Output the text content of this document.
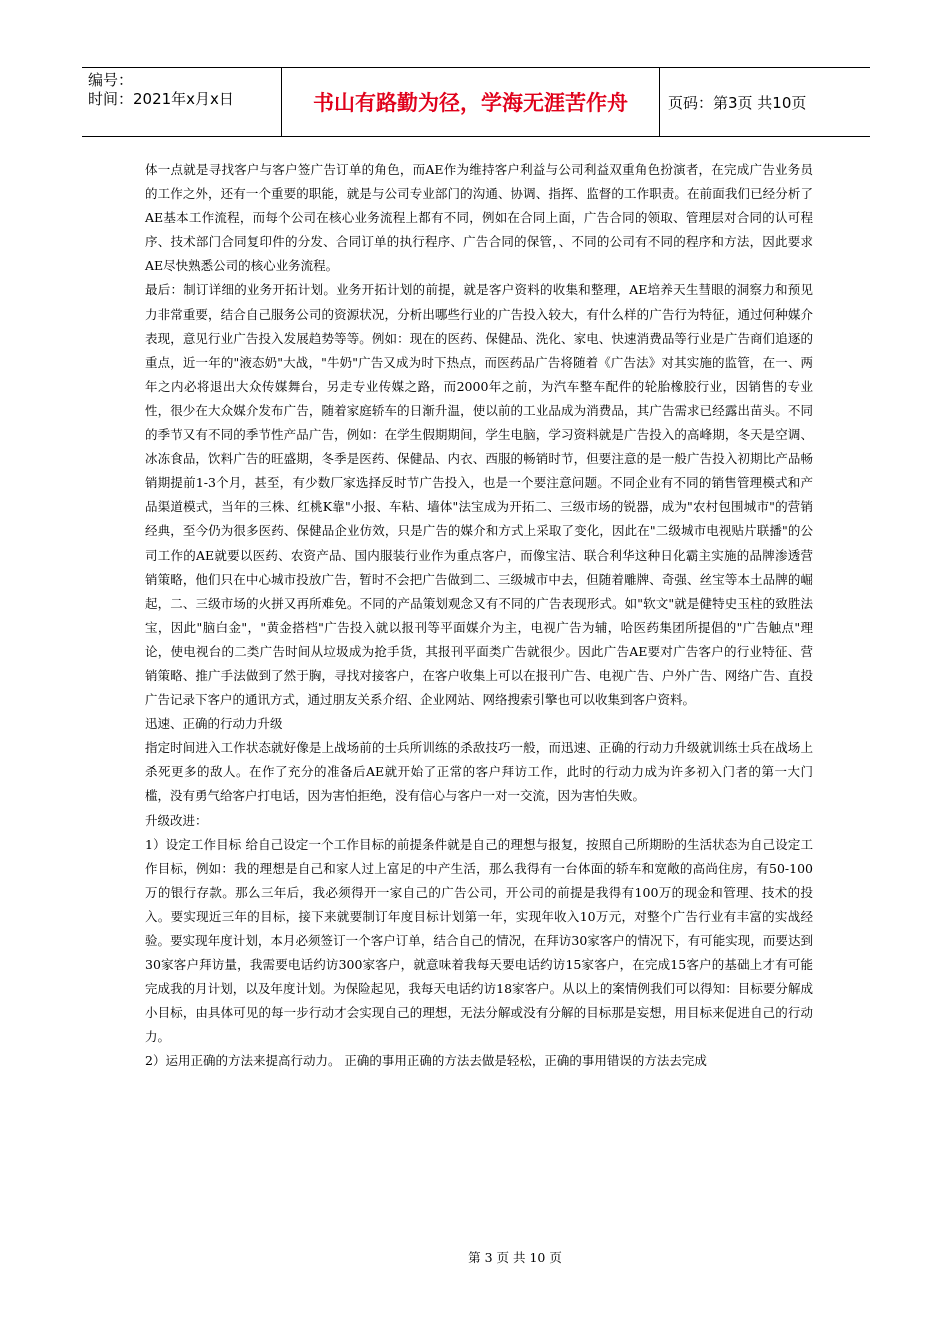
编号：
时间：2021年x月x日	书山有路勤为径，学海无涯苦作舟	页码：第3页 共10页

体一点就是寻找客户与客户签广告订单的角色，而AE作为维持客户利益与公司利益双重角色扮演者，在完成广告业务员的工作之外，还有一个重要的职能，就是与公司专业部门的沟通、协调、指挥、监督的工作职责。在前面我们已经分析了AE基本工作流程，而每个公司在核心业务流程上都有不同，例如在合同上面，广告合同的领取、管理层对合同的认可程序、技术部门合同复印件的分发、合同订单的执行程序、广告合同的保管，、不同的公司有不同的程序和方法，因此要求AE尽快熟悉公司的核心业务流程。

最后：制订详细的业务开拓计划。业务开拓计划的前提，就是客户资料的收集和整理，AE培养天生彗眼的洞察力和预见力非常重要，结合自己服务公司的资源状况，分析出哪些行业的广告投入较大，有什么样的广告行为特征，通过何种媒介表现，意见行业广告投入发展趋势等等。例如：现在的医药、保健品、洗化、家电、快速消费品等行业是广告商们追逐的重点，近一年的"液态奶"大战，"牛奶"广告又成为时下热点，而医药品广告将随着《广告法》对其实施的监管，在一、两年之内必将退出大众传媒舞台，另走专业传媒之路，而2000年之前，为汽车整车配件的轮胎橡胶行业，因销售的专业性，很少在大众媒介发布广告，随着家庭轿车的日渐升温，使以前的工业品成为消费品，其广告需求已经露出苗头。不同的季节又有不同的季节性产品广告，例如：在学生假期期间，学生电脑，学习资料就是广告投入的高峰期，冬天是空调、冰冻食品，饮料广告的旺盛期，冬季是医药、保健品、内衣、西服的畅销时节，但要注意的是一般广告投入初期比产品畅销期提前1-3个月，甚至，有少数厂家选择反时节广告投入，也是一个要注意问题。不同企业有不同的销售管理模式和产品渠道模式，当年的三株、红桃K靠"小报、车粘、墙体"法宝成为开拓二、三级市场的锐器，成为"农村包围城市"的营销经典，至今仍为很多医药、保健品企业仿效，只是广告的媒介和方式上采取了变化，因此在"二级城市电视贴片联播"的公司工作的AE就要以医药、农资产品、国内服装行业作为重点客户，而像宝洁、联合利华这种日化霸主实施的品牌渗透营销策略，他们只在中心城市投放广告，暂时不会把广告做到二、三级城市中去，但随着雕牌、奇强、丝宝等本土品牌的崛起，二、三级市场的火拼又再所难免。不同的产品策划观念又有不同的广告表现形式。如"软文"就是健特史玉柱的致胜法宝，因此"脑白金"，"黄金搭档"广告投入就以报刊等平面媒介为主，电视广告为辅，哈医药集团所提倡的"广告触点"理论，使电视台的二类广告时间从垃圾成为抢手货，其报刊平面类广告就很少。因此广告AE要对广告客户的行业特征、营销策略、推广手法做到了然于胸，寻找对接客户，在客户收集上可以在报刊广告、电视广告、户外广告、网络广告、直投广告记录下客户的通讯方式，通过朋友关系介绍、企业网站、网络搜索引擎也可以收集到客户资料。

迅速、正确的行动力升级

指定时间进入工作状态就好像是上战场前的士兵所训练的杀敌技巧一般，而迅速、正确的行动力升级就训练士兵在战场上杀死更多的敌人。在作了充分的准备后AE就开始了正常的客户拜访工作，此时的行动力成为许多初入门者的第一大门槛，没有勇气给客户打电话，因为害怕拒绝，没有信心与客户一对一交流，因为害怕失败。

升级改进：

1）设定工作目标 给自己设定一个工作目标的前提条件就是自己的理想与报复，按照自己所期盼的生活状态为自己设定工作目标，例如：我的理想是自己和家人过上富足的中产生活，那么我得有一台体面的轿车和宽敞的高尚住房，有50-100万的银行存款。那么三年后，我必须得开一家自己的广告公司，开公司的前提是我得有100万的现金和管理、技术的投入。要实现近三年的目标，接下来就要制订年度目标计划第一年，实现年收入10万元，对整个广告行业有丰富的实战经验。要实现年度计划，本月必须签订一个客户订单，结合自己的情况，在拜访30家客户的情况下，有可能实现，而要达到30家客户拜访量，我需要电话约访300家客户，就意味着我每天要电话约访15家客户，在完成15客户的基础上才有可能完成我的月计划，以及年度计划。为保险起见，我每天电话约访18家客户。从以上的案情例我们可以得知：目标要分解成小目标，由具体可见的每一步行动才会实现自己的理想，无法分解或没有分解的目标那是妄想，用目标来促进自己的行动力。

2）运用正确的方法来提高行动力。 正确的事用正确的方法去做是轻松，正确的事用错误的方法去完成

第 3 页 共 10 页
